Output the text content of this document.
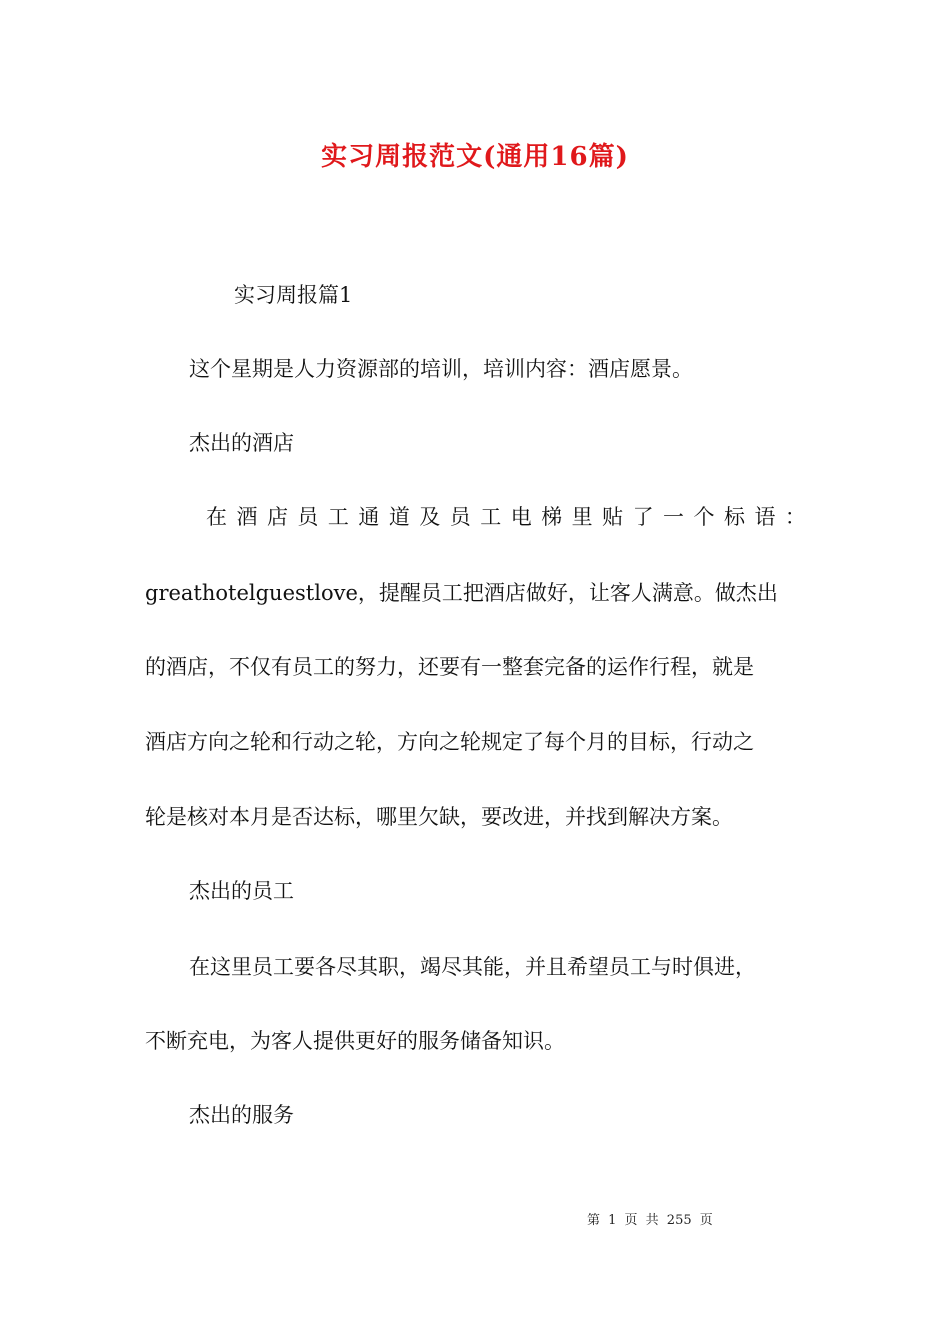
实习周报范文(通用16篇)
实习周报篇1
这个星期是人力资源部的培训，培训内容：酒店愿景。
杰出的酒店
在 酒 店 员 工 通 道 及 员 工 电 梯 里 贴 了 一 个 标 语 ：
greathotelguestlove，提醒员工把酒店做好，让客人满意。做杰出
的酒店，不仅有员工的努力，还要有一整套完备的运作行程，就是
酒店方向之轮和行动之轮，方向之轮规定了每个月的目标，行动之
轮是核对本月是否达标，哪里欠缺，要改进，并找到解决方案。
杰出的员工
在这里员工要各尽其职，竭尽其能，并且希望员工与时俱进，
不断充电，为客人提供更好的服务储备知识。
杰出的服务
第 1 页 共 255 页
